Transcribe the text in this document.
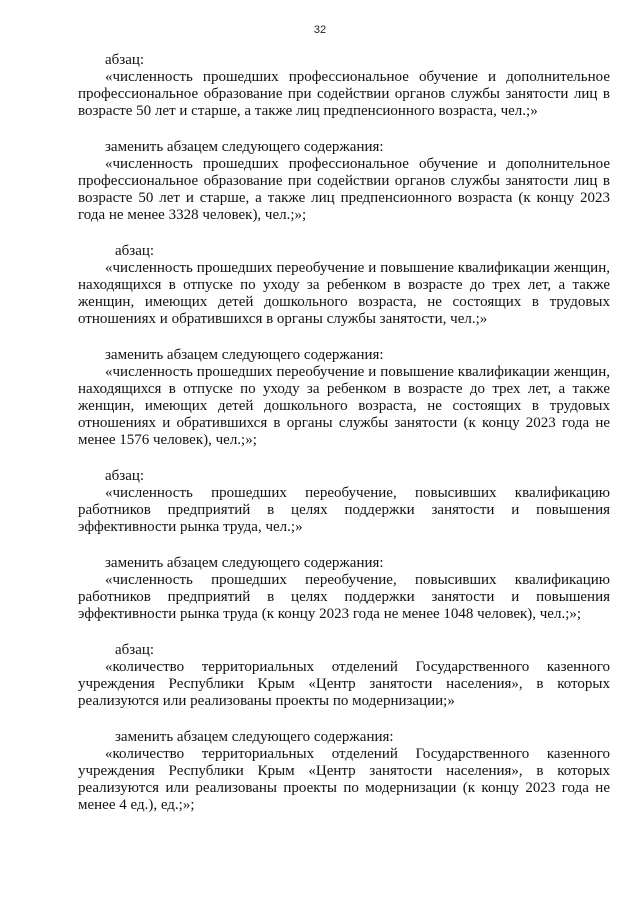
32
абзац:
«численность прошедших профессиональное обучение и дополнительное профессиональное образование при содействии органов службы занятости лиц в возрасте 50 лет и старше, а также лиц предпенсионного возраста, чел.;»
заменить абзацем следующего содержания:
«численность прошедших профессиональное обучение и дополнительное профессиональное образование при содействии органов службы занятости лиц в возрасте 50 лет и старше, а также лиц предпенсионного возраста (к концу 2023 года не менее 3328 человек), чел.;»;
абзац:
«численность прошедших переобучение и повышение квалификации женщин, находящихся в отпуске по уходу за ребенком в возрасте до трех лет, а также женщин, имеющих детей дошкольного возраста, не состоящих в трудовых отношениях и обратившихся в органы службы занятости, чел.;»
заменить абзацем следующего содержания:
«численность прошедших переобучение и повышение квалификации женщин, находящихся в отпуске по уходу за ребенком в возрасте до трех лет, а также женщин, имеющих детей дошкольного возраста, не состоящих в трудовых отношениях и обратившихся в органы службы занятости (к концу 2023 года не менее 1576 человек), чел.;»;
абзац:
«численность прошедших переобучение, повысивших квалификацию работников предприятий в целях поддержки занятости и повышения эффективности рынка труда, чел.;»
заменить абзацем следующего содержания:
«численность прошедших переобучение, повысивших квалификацию работников предприятий в целях поддержки занятости и повышения эффективности рынка труда (к концу 2023 года не менее 1048 человек), чел.;»;
абзац:
«количество территориальных отделений Государственного казенного учреждения Республики Крым «Центр занятости населения», в которых реализуются или реализованы проекты по модернизации;»
заменить абзацем следующего содержания:
«количество территориальных отделений Государственного казенного учреждения Республики Крым «Центр занятости населения», в которых реализуются или реализованы проекты по модернизации (к концу 2023 года не менее 4 ед.), ед.;»;
